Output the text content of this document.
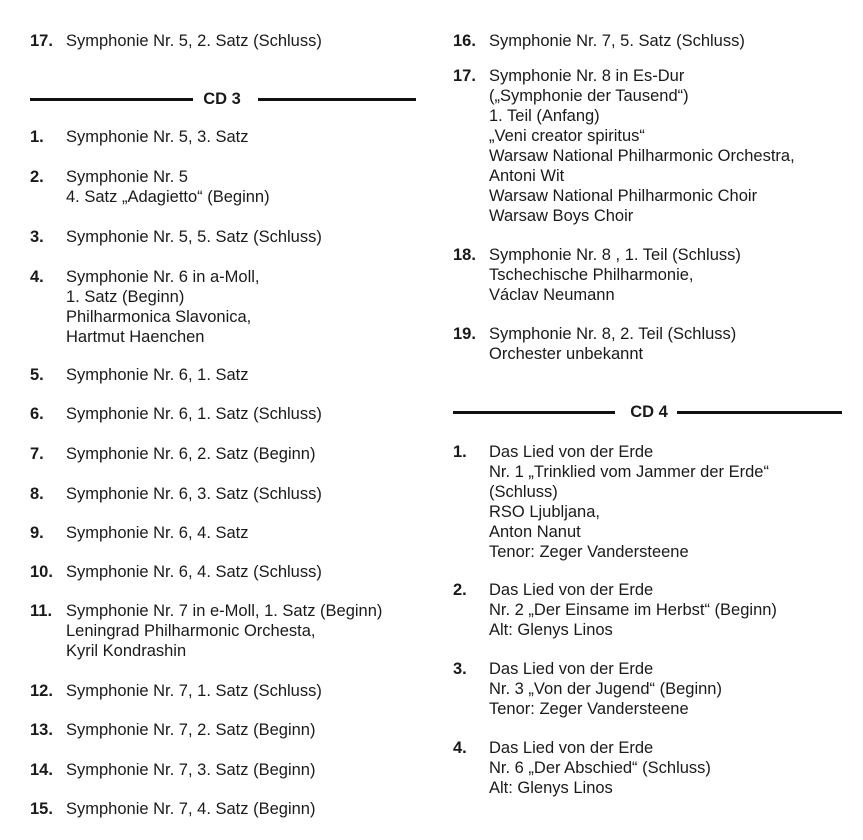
17. Symphonie Nr. 5, 2. Satz (Schluss)
CD 3
1.	Symphonie Nr. 5, 3. Satz
2.	Symphonie Nr. 5
4. Satz „Adagietto“ (Beginn)
3.	Symphonie Nr. 5, 5. Satz (Schluss)
4.	Symphonie Nr. 6 in a-Moll,
1. Satz (Beginn)
Philharmonica Slavonica,
Hartmut Haenchen
5.	Symphonie Nr. 6, 1. Satz
6.	Symphonie Nr. 6, 1. Satz (Schluss)
7.	Symphonie Nr. 6, 2. Satz (Beginn)
8.	Symphonie Nr. 6, 3. Satz (Schluss)
9.	Symphonie Nr. 6, 4. Satz
10. Symphonie Nr. 6, 4. Satz (Schluss)
11. Symphonie Nr. 7 in e-Moll, 1. Satz (Beginn)
Leningrad Philharmonic Orchesta,
Kyril Kondrashin
12. Symphonie Nr. 7, 1. Satz (Schluss)
13. Symphonie Nr. 7, 2. Satz (Beginn)
14. Symphonie Nr. 7, 3. Satz (Beginn)
15. Symphonie Nr. 7, 4. Satz (Beginn)
16. Symphonie Nr. 7, 5. Satz (Schluss)
17. Symphonie Nr. 8 in Es-Dur
(„Symphonie der Tausend“)
1. Teil (Anfang)
„Veni creator spiritus“
Warsaw National Philharmonic Orchestra,
Antoni Wit
Warsaw National Philharmonic Choir
Warsaw Boys Choir
18. Symphonie Nr. 8 , 1. Teil (Schluss)
Tschechische Philharmonie,
Václav Neumann
19. Symphonie Nr. 8, 2. Teil (Schluss)
Orchester unbekannt
CD 4
1.	Das Lied von der Erde
Nr. 1 „Trinklied vom Jammer der Erde“
(Schluss)
RSO Ljubljana,
Anton Nanut
Tenor: Zeger Vandersteene
2.	Das Lied von der Erde
Nr. 2 „Der Einsame im Herbst“ (Beginn)
Alt: Glenys Linos
3.	Das Lied von der Erde
Nr. 3 „Von der Jugend“ (Beginn)
Tenor: Zeger Vandersteene
4.	Das Lied von der Erde
Nr. 6 „Der Abschied“ (Schluss)
Alt: Glenys Linos
